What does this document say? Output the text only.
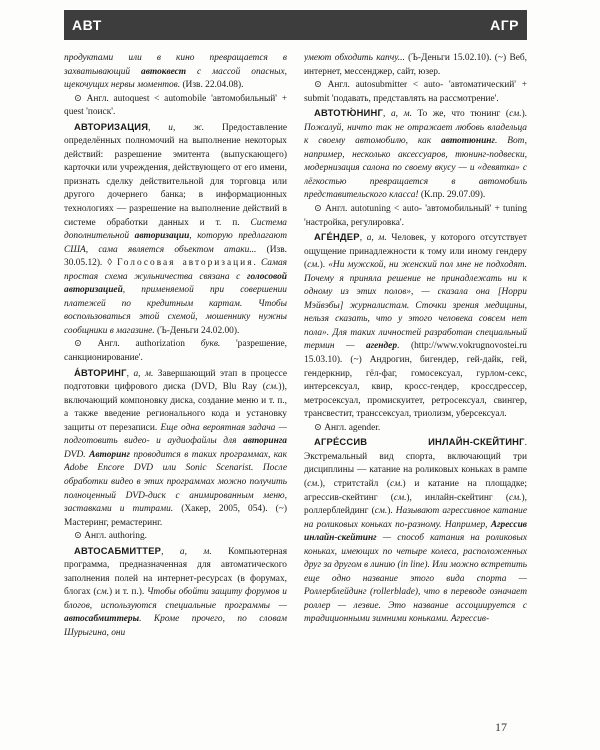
АВТ	АГР

продуктами или в кино превращается в захватывающий автоквест с массой опасных, щекочущих нервы моментов. (Изв. 22.04.08).

⊙ Англ. autoquest < automobile 'автомобильный' + quest 'поиск'.

АВТОРИЗАЦИЯ, и, ж. Предоставление определённых полномочий на выполнение некоторых действий: разрешение эмитента (выпускающего) карточки или учреждения, действующего от его имени, признать сделку действительной для торговца или другого дочернего банка; в информационных технологиях — разрешение на выполнение действий в системе обработки данных и т. п. Система дополнительной авторизации, которую предлагают США, сама является объектом атаки... (Изв. 30.05.12). ◊ Голосовая авторизация. Самая простая схема жульничества связана с голосовой авторизацией, применяемой при совершении платежей по кредитным картам. Чтобы воспользоваться этой схемой, мошеннику нужны сообщники в магазине. (Ъ-Деньги 24.02.00).

⊙ Англ. authorization букв. 'разрешение, санкционирование'.

А́ВТОРИНГ, а, м. Завершающий этап в процессе подготовки цифрового диска (DVD, Blu Ray (см.)), включающий компоновку диска, создание меню и т. п., а также введение регионального кода и установку защиты от перезаписи. Еще одна вероятная задача — подготовить видео- и аудиофайлы для авторинга DVD. Авторинг проводится в таких программах, как Adobe Encore DVD или Sonic Scenarist. После обработки видео в этих программах можно получить полноценный DVD-диск с анимированным меню, заставками и титрами. (Хакер, 2005, 054). (~) Мастеринг, ремастеринг.

⊙ Англ. authoring.

АВТОСАБМИТТЕР, а, м. Компьютерная программа, предназначенная для автоматического заполнения полей на интернет-ресурсах (в форумах, блогах (см.) и т. п.). Чтобы обойти защиту форумов и блогов, используются специальные программы — автосабмиттеры. Кроме прочего, по словам Шурыгина, они

умеют обходить капчу... (Ъ-Деньги 15.02.10). (~) Веб, интернет, мессенджер, сайт, юзер.

⊙ Англ. autosubmitter < auto- 'автоматический' + submit 'подавать, представлять на рассмотрение'.

АВТОТЮ́НИНГ, а, м. То же, что тюнинг (см.). Пожалуй, ничто так не отражает любовь владельца к своему автомобилю, как автотюнинг. Вот, например, несколько аксессуаров, тюнинг-подвески, модернизация салона по своему вкусу — и «девятка» с лёгкостью превращается в автомобиль представительского класса! (К.пр. 29.07.09).

⊙ Англ. autotuning < auto- 'автомобильный' + tuning 'настройка, регулировка'.

АГЕ́НДЕР, а, м. Человек, у которого отсутствует ощущение принадлежности к тому или иному гендеру (см.). «Ни мужской, ни женский пол мне не подходят. Почему я приняла решение не принадлежать ни к одному из этих полов», — сказала она [Норри Мэйвэбы] журналистам. Сточки зрения медицины, нельзя сказать, что у этого человека совсем нет пола». Для таких личностей разработан специальный термин — агендер. (http://www.vokrugnovostei.ru 15.03.10). (~) Андрогин, бигендер, гей-дайк, гей, гендеркнир, гёл-фаг, гомосексуал, гурлом-секс, интерсексуал, квир, кросс-гендер, кроссдрессер, метросексуал, промискуитет, ретросексуал, свингер, трансвестит, транссексуал, триолизм, уберсексуал.

⊙ Англ. agender.

АГРЕ́ССИВ ИНЛАЙН-СКЕЙТИНГ. Экстремальный вид спорта, включающий три дисциплины — катание на роликовых коньках в рампе (см.), стритстайл (см.) и катание на площадке; агрессив-скейтинг (см.), инлайн-скейтинг (см.), роллерблейдинг (см.). Называют агрессивное катание на роликовых коньках по-разному. Например, Агрессив инлайн-скейтинг — способ катания на роликовых коньках, имеющих по четыре колеса, расположенных друг за другом в линию (in line). Или можно встретить еще одно название этого вида спорта — Роллерблейдинг (rollerblade), что в переводе означает роллер — лезвие. Это название ассоциируется с традиционными зимними коньками. Агрессив-

17
